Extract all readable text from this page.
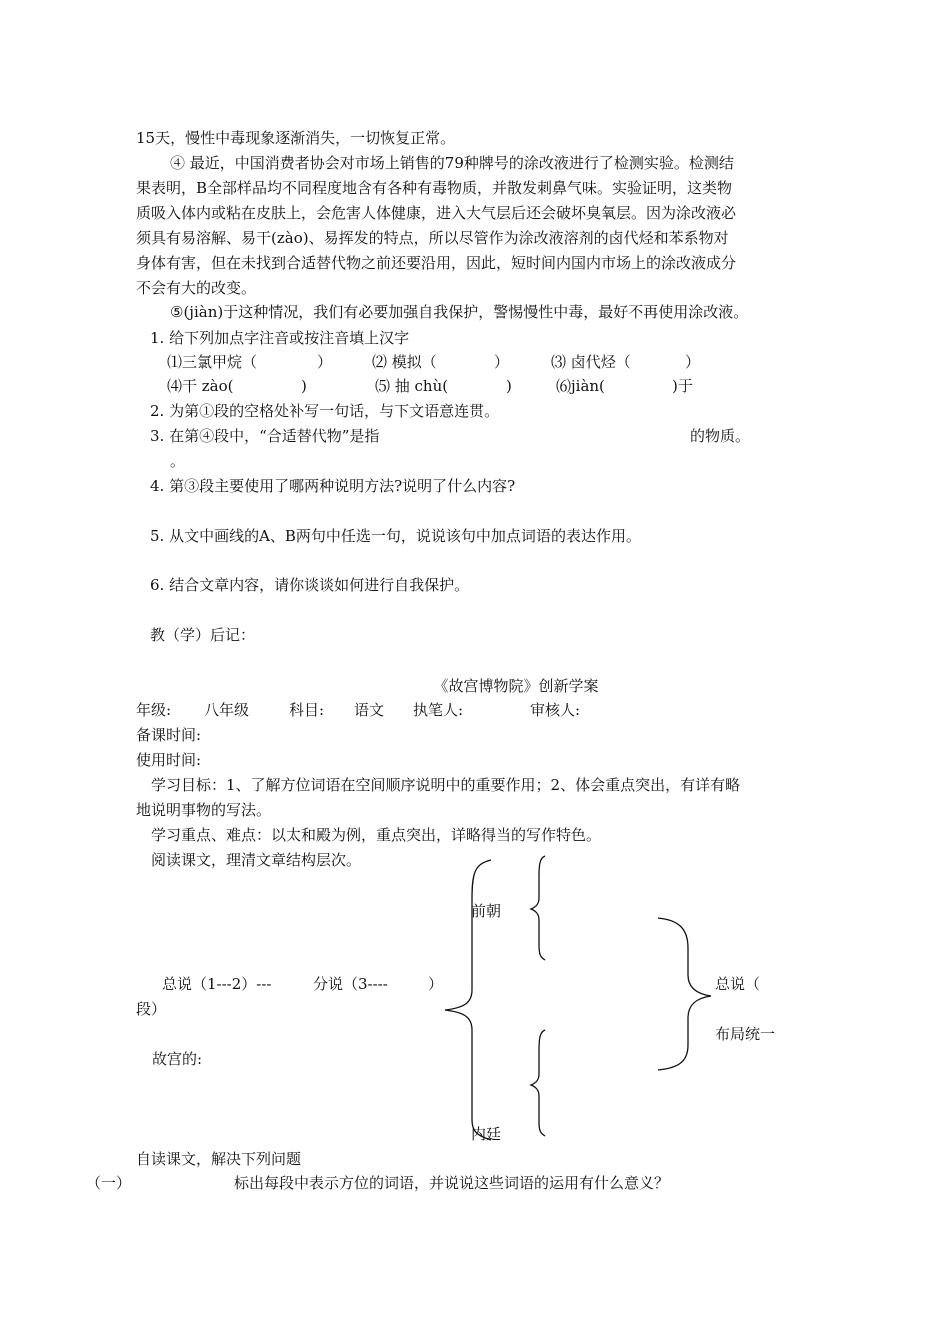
15天，慢性中毒现象逐渐消失，一切恢复正常。
④ 最近，中国消费者协会对市场上销售的79种牌号的涂改液进行了检测实验。检测结
果表明，B全部样品均不同程度地含有各种有毒物质，并散发刺鼻气味。实验证明，这类物
质吸入体内或粘在皮肤上，会危害人体健康，进入大气层后还会破坏臭氧层。因为涂改液必
须具有易溶解、易干(zào)、易挥发的特点，所以尽管作为涂改液溶剂的卤代烃和苯系物对
身体有害，但在未找到合适替代物之前还要沿用，因此，短时间内国内市场上的涂改液成分
不会有大的改变。
⑤(jiàn)于这种情况，我们有必要加强自我保护，警惕慢性中毒，最好不再使用涂改液。
1. 给下列加点字注音或按注音填上汉字
⑴三氯甲烷（	）	⑵ 模拟（	）	⑶ 卤代烃（	）
⑷干 zào(	)	⑸ 抽 chù(	)	⑹jiàn(	)于
2. 为第①段的空格处补写一句话，与下文语意连贯。
3. 在第④段中，“合适替代物”是指	的物质。
。
4. 第③段主要使用了哪两种说明方法?说明了什么内容?
5. 从文中画线的A、B两句中任选一句，说说该句中加点词语的表达作用。
6. 结合文章内容，请你谈谈如何进行自我保护。
教（学）后记：
《故宫博物院》创新学案
年级: 八年级	科目: 语文 执笔人:	审核人:
备课时间:
使用时间:
学习目标：1、了解方位词语在空间顺序说明中的重要作用；2、体会重点突出，有详有略
地说明事物的写法。
学习重点、难点：以太和殿为例，重点突出，详略得当的写作特色。
阅读课文，理清文章结构层次。
前朝
总说（1---2）---	分说（3----	）	总说（
段）
布局统一
故宫的:
内廷
自读课文，解决下列问题
（一）	标出每段中表示方位的词语，并说说这些词语的运用有什么意义？
